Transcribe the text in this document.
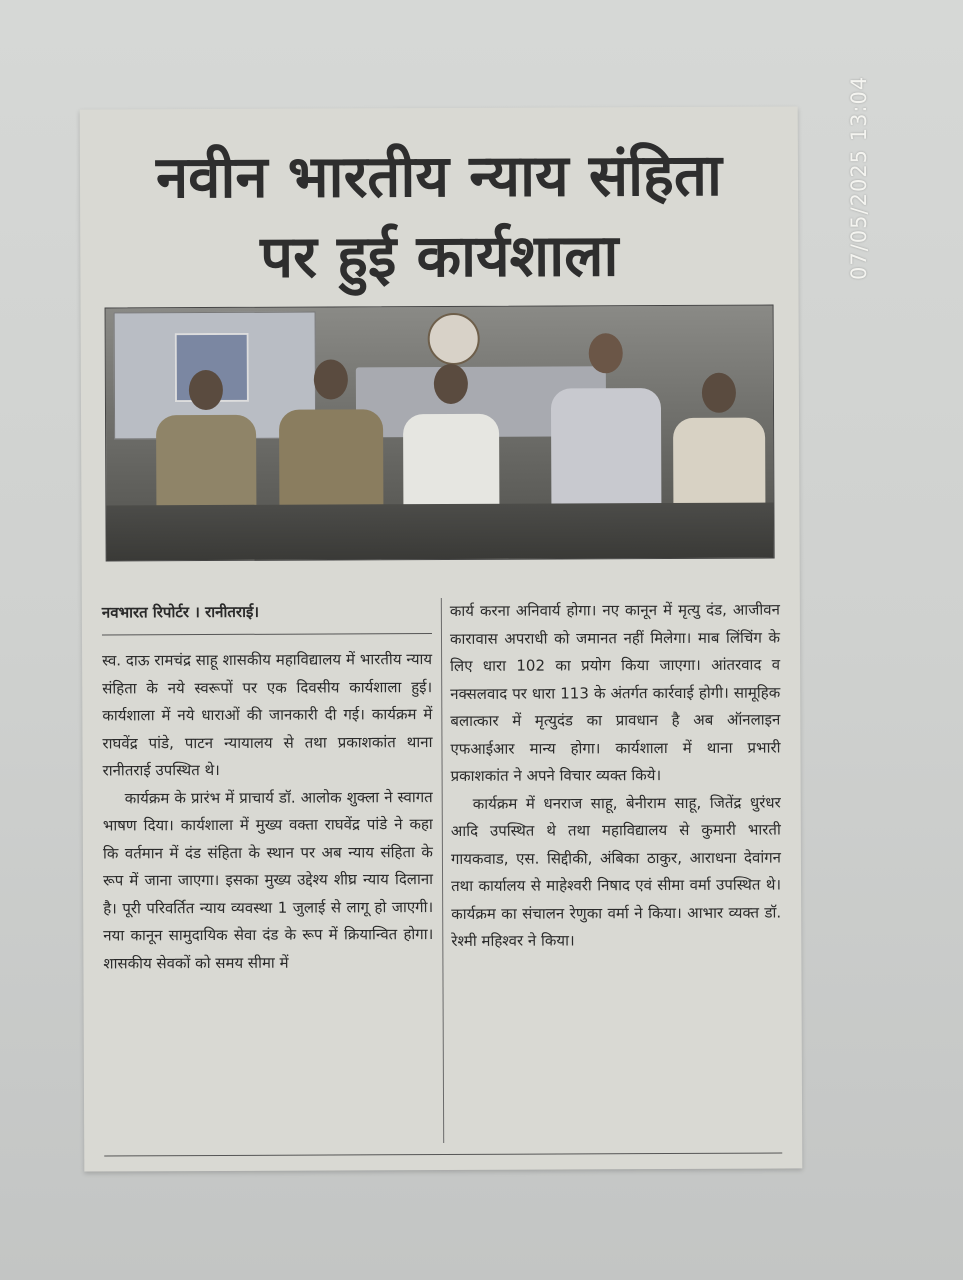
07/05/2025 13:04
नवीन भारतीय न्याय संहिता
पर हुई कार्यशाला

नवभारत रिपोर्टर । रानीतराई।

स्व. दाऊ रामचंद्र साहू शासकीय महाविद्यालय में भारतीय न्याय संहिता के नये स्वरूपों पर एक दिवसीय कार्यशाला हुई। कार्यशाला में नये धाराओं की जानकारी दी गई। कार्यक्रम में राघवेंद्र पांडे, पाटन न्यायालय से तथा प्रकाशकांत थाना रानीतराई उपस्थित थे।

कार्यक्रम के प्रारंभ में प्राचार्य डॉ. आलोक शुक्ला ने स्वागत भाषण दिया। कार्यशाला में मुख्य वक्ता राघवेंद्र पांडे ने कहा कि वर्तमान में दंड संहिता के स्थान पर अब न्याय संहिता के रूप में जाना जाएगा। इसका मुख्य उद्देश्य शीघ्र न्याय दिलाना है। पूरी परिवर्तित न्याय व्यवस्था 1 जुलाई से लागू हो जाएगी। नया कानून सामुदायिक सेवा दंड के रूप में क्रियान्वित होगा। शासकीय सेवकों को समय सीमा में

कार्य करना अनिवार्य होगा। नए कानून में मृत्यु दंड, आजीवन कारावास अपराधी को जमानत नहीं मिलेगा। माब लिंचिंग के लिए धारा 102 का प्रयोग किया जाएगा। आंतरवाद व नक्सलवाद पर धारा 113 के अंतर्गत कार्रवाई होगी। सामूहिक बलात्कार में मृत्युदंड का प्रावधान है अब ऑनलाइन एफआईआर मान्य होगा। कार्यशाला में थाना प्रभारी प्रकाशकांत ने अपने विचार व्यक्त किये।

कार्यक्रम में धनराज साहू, बेनीराम साहू, जितेंद्र धुरंधर आदि उपस्थित थे तथा महाविद्यालय से कुमारी भारती गायकवाड, एस. सिद्दीकी, अंबिका ठाकुर, आराधना देवांगन तथा कार्यालय से माहेश्वरी निषाद एवं सीमा वर्मा उपस्थित थे। कार्यक्रम का संचालन रेणुका वर्मा ने किया। आभार व्यक्त डॉ. रेश्मी महिश्वर ने किया।
